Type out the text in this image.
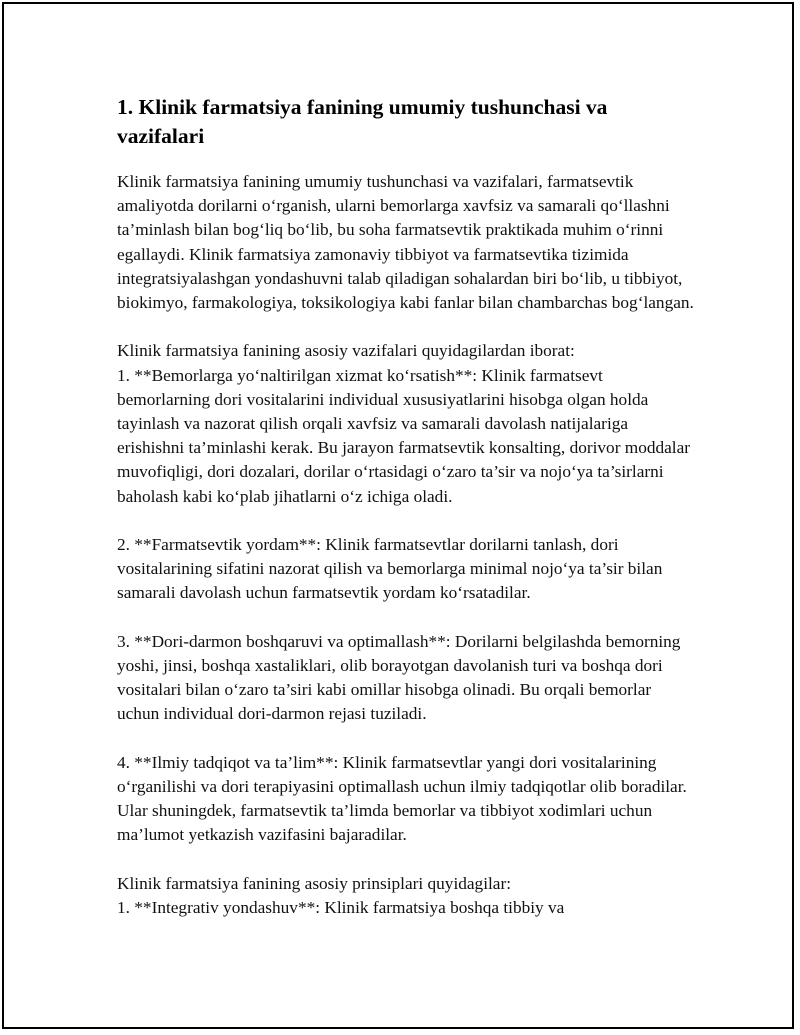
1. Klinik farmatsiya fanining umumiy tushunchasi va vazifalari

Klinik farmatsiya fanining umumiy tushunchasi va vazifalari, farmatsevtik amaliyotda dorilarni o‘rganish, ularni bemorlarga xavfsiz va samarali qo‘llashni ta’minlash bilan bog‘liq bo‘lib, bu soha farmatsevtik praktikada muhim o‘rinni egallaydi. Klinik farmatsiya zamonaviy tibbiyot va farmatsevtika tizimida integratsiyalashgan yondashuvni talab qiladigan sohalardan biri bo‘lib, u tibbiyot, biokimyo, farmakologiya, toksikologiya kabi fanlar bilan chambarchas bog‘langan.

Klinik farmatsiya fanining asosiy vazifalari quyidagilardan iborat:
1. **Bemorlarga yo‘naltirilgan xizmat ko‘rsatish**: Klinik farmatsevt bemorlarning dori vositalarini individual xususiyatlarini hisobga olgan holda tayinlash va nazorat qilish orqali xavfsiz va samarali davolash natijalariga erishishni ta’minlashi kerak. Bu jarayon farmatsevtik konsalting, dorivor moddalar muvofiqligi, dori dozalari, dorilar o‘rtasidagi o‘zaro ta’sir va nojo‘ya ta’sirlarni baholash kabi ko‘plab jihatlarni o‘z ichiga oladi.

2. **Farmatsevtik yordam**: Klinik farmatsevtlar dorilarni tanlash, dori vositalarining sifatini nazorat qilish va bemorlarga minimal nojo‘ya ta’sir bilan samarali davolash uchun farmatsevtik yordam ko‘rsatadilar.

3. **Dori-darmon boshqaruvi va optimallash**: Dorilarni belgilashda bemorning yoshi, jinsi, boshqa xastaliklari, olib borayotgan davolanish turi va boshqa dori vositalari bilan o‘zaro ta’siri kabi omillar hisobga olinadi. Bu orqali bemorlar uchun individual dori-darmon rejasi tuziladi.

4. **Ilmiy tadqiqot va ta’lim**: Klinik farmatsevtlar yangi dori vositalarining o‘rganilishi va dori terapiyasini optimallash uchun ilmiy tadqiqotlar olib boradilar. Ular shuningdek, farmatsevtik ta’limda bemorlar va tibbiyot xodimlari uchun ma’lumot yetkazish vazifasini bajaradilar.

Klinik farmatsiya fanining asosiy prinsiplari quyidagilar:
1. **Integrativ yondashuv**: Klinik farmatsiya boshqa tibbiy va
